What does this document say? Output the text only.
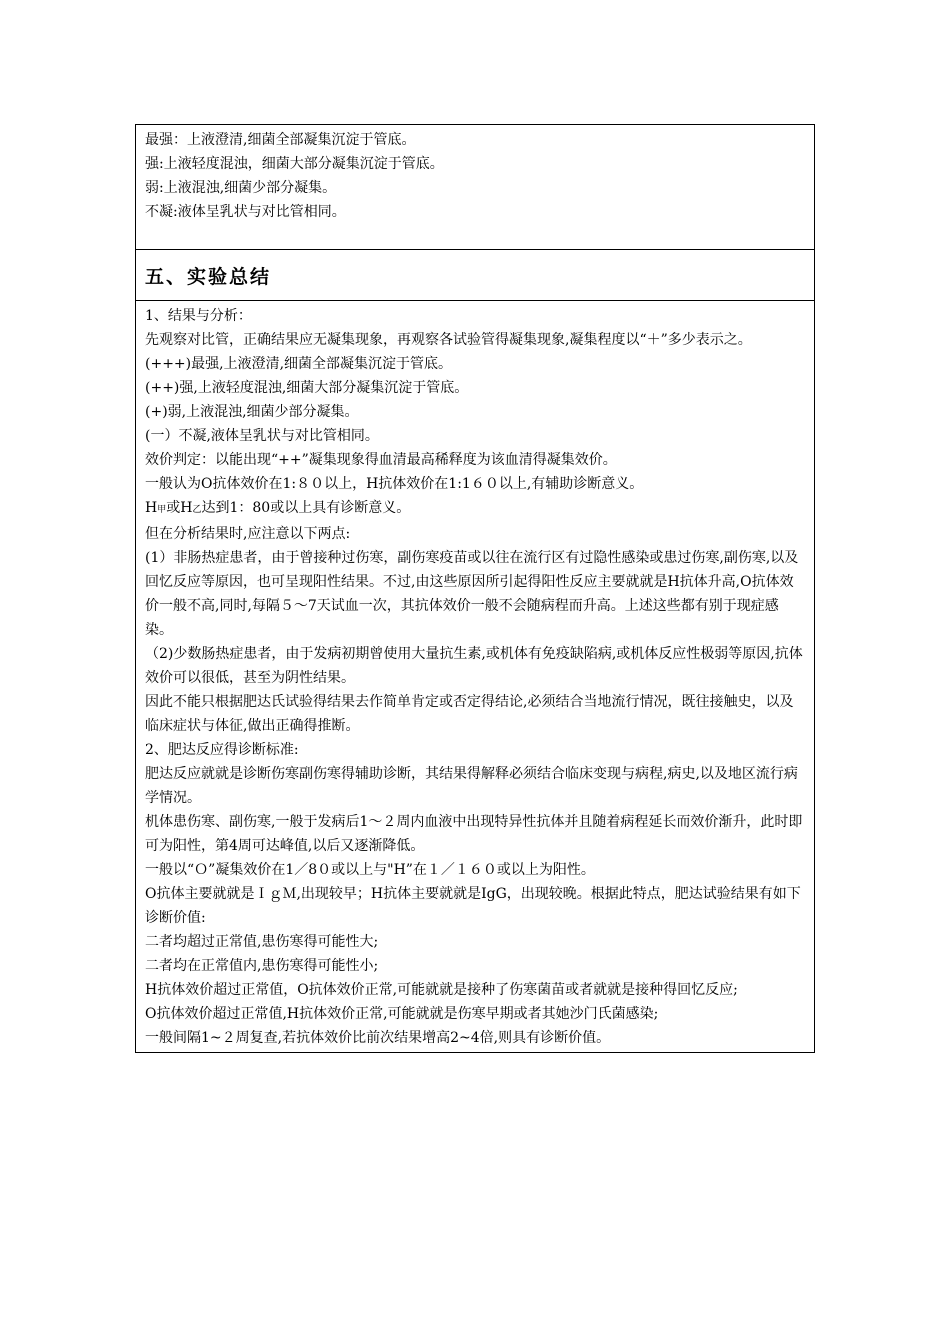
最强：上液澄清,细菌全部凝集沉淀于管底。

强:上液轻度混浊，细菌大部分凝集沉淀于管底。

弱:上液混浊,细菌少部分凝集。

不凝:液体呈乳状与对比管相同。

五、实验总结

1、结果与分析：

先观察对比管，正确结果应无凝集现象，再观察各试验管得凝集现象,凝集程度以“＋”多少表示之。

(+++)最强,上液澄清,细菌全部凝集沉淀于管底。

(++)强,上液轻度混浊,细菌大部分凝集沉淀于管底。

(+)弱,上液混浊,细菌少部分凝集。

(一）不凝,液体呈乳状与对比管相同。

效价判定：以能出现“++”凝集现象得血清最高稀释度为该血清得凝集效价。

一般认为O抗体效价在1:８０以上，H抗体效价在1:1６０以上,有辅助诊断意义。

H甲或H乙达到1：80或以上具有诊断意义。

但在分析结果时,应注意以下两点:

(1）非肠热症患者，由于曾接种过伤寒，副伤寒疫苗或以往在流行区有过隐性感染或患过伤寒,副伤寒,以及回忆反应等原因，也可呈现阳性结果。不过,由这些原因所引起得阳性反应主要就就是H抗体升高,O抗体效价一般不高,同时,每隔５～7天试血一次，其抗体效价一般不会随病程而升高。上述这些都有别于现症感染。

（2)少数肠热症患者，由于发病初期曾使用大量抗生素,或机体有免疫缺陷病,或机体反应性极弱等原因,抗体效价可以很低，甚至为阴性结果。

因此不能只根据肥达氏试验得结果去作简单肯定或否定得结论,必须结合当地流行情况，既往接触史，以及临床症状与体征,做出正确得推断。

2、肥达反应得诊断标准:

肥达反应就就是诊断伤寒副伤寒得辅助诊断，其结果得解释必须结合临床变现与病程,病史,以及地区流行病学情况。

机体患伤寒、副伤寒,一般于发病后1～２周内血液中出现特异性抗体并且随着病程延长而效价渐升，此时即可为阳性，第4周可达峰值,以后又逐渐降低。

一般以“Ｏ”凝集效价在1／8０或以上与"H”在１／１６０或以上为阳性。

O抗体主要就就是ＩｇＭ,出现较早；H抗体主要就就是IgG，出现较晚。根据此特点，肥达试验结果有如下诊断价值:

二者均超过正常值,患伤寒得可能性大;

二者均在正常值内,患伤寒得可能性小;

H抗体效价超过正常值，O抗体效价正常,可能就就是接种了伤寒菌苗或者就就是接种得回忆反应;

O抗体效价超过正常值,H抗体效价正常,可能就就是伤寒早期或者其她沙门氏菌感染;

一般间隔1~２周复查,若抗体效价比前次结果增高2~4倍,则具有诊断价值。
